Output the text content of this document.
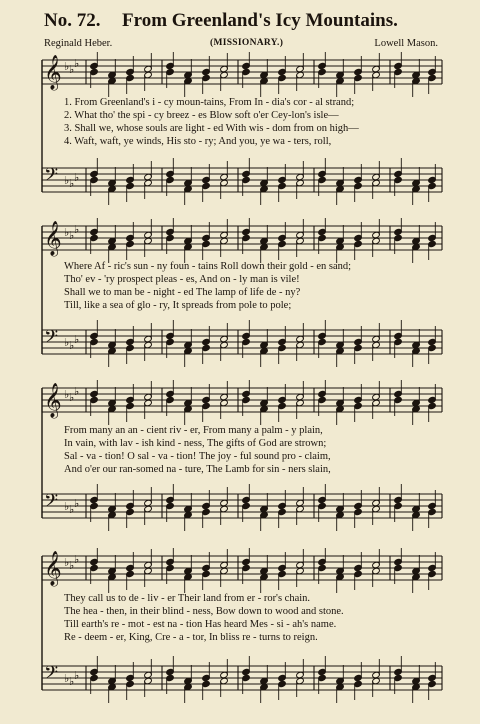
No. 72. From Greenland's Icy Mountains.
Reginald Heber.	(MISSIONARY.)	Lowell Mason.
𝄞 ♭ ♭ ♭
𝄢 ♭ ♭ ♭
1. From Greenland's i - cy moun-tains, From In - dia's cor - al strand;
2. What tho' the spi - cy breez - es Blow soft o'er Cey-lon's isle—
3. Shall we, whose souls are light - ed With wis - dom from on high—
4. Waft, waft, ye winds, His sto - ry; And you, ye wa - ters, roll,
𝄞 ♭ ♭ ♭
𝄢 ♭ ♭ ♭
Where Af - ric's sun - ny foun - tains Roll down their gold - en sand;
Tho' ev - 'ry prospect pleas - es, And on - ly man is vile!
Shall we to man be - night - ed The lamp of life de - ny?
Till, like a sea of glo - ry, It spreads from pole to pole;
𝄞 ♭ ♭ ♭
𝄢 ♭ ♭ ♭
From many an an - cient riv - er, From many a palm - y plain,
In vain, with lav - ish kind - ness, The gifts of God are strown;
Sal - va - tion! O sal - va - tion! The joy - ful sound pro - claim,
And o'er our ran-somed na - ture, The Lamb for sin - ners slain,
𝄞 ♭ ♭ ♭
𝄢 ♭ ♭ ♭
They call us to de - liv - er Their land from er - ror's chain.
The hea - then, in their blind - ness, Bow down to wood and stone.
Till earth's re - mot - est na - tion Has heard Mes - si - ah's name.
Re - deem - er, King, Cre - a - tor, In bliss re - turns to reign.
